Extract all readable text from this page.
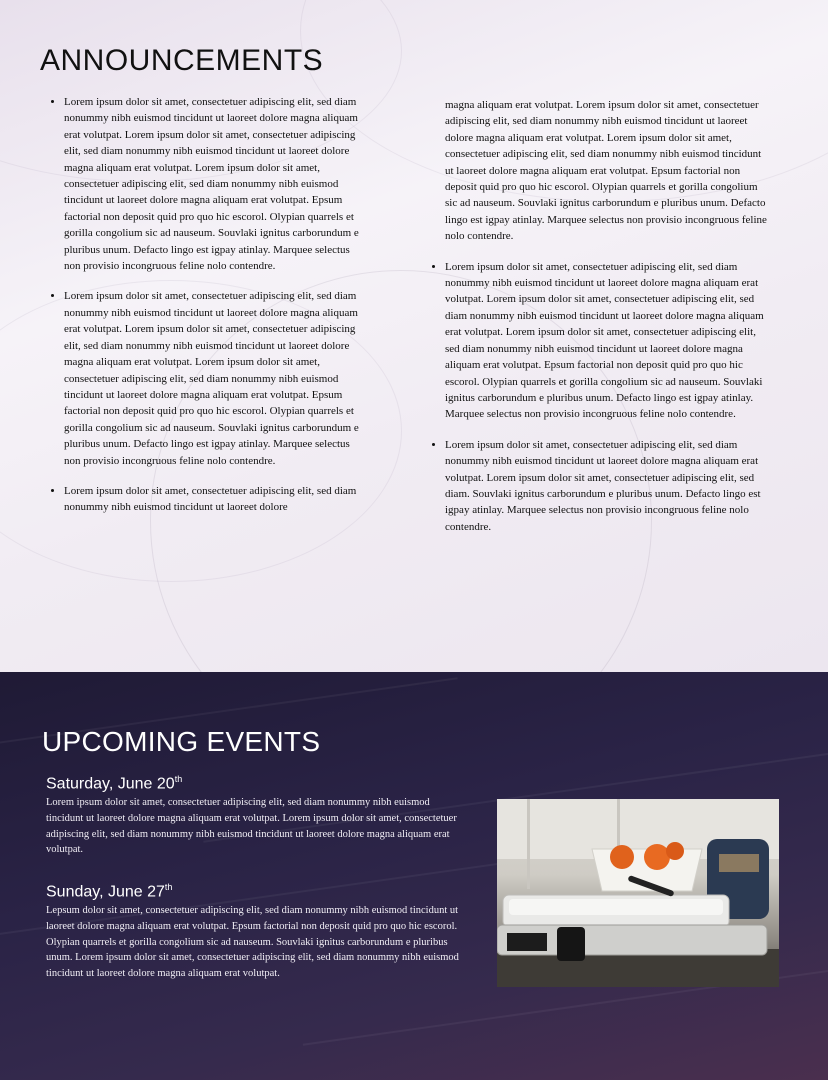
ANNOUNCEMENTS
• Lorem ipsum dolor sit amet, consectetuer adipiscing elit, sed diam nonummy nibh euismod tincidunt ut laoreet dolore magna aliquam erat volutpat. Lorem ipsum dolor sit amet, consectetuer adipiscing elit, sed diam nonummy nibh euismod tincidunt ut laoreet dolore magna aliquam erat volutpat. Lorem ipsum dolor sit amet, consectetuer adipiscing elit, sed diam nonummy nibh euismod tincidunt ut laoreet dolore magna aliquam erat volutpat. Epsum factorial non deposit quid pro quo hic escorol. Olypian quarrels et gorilla congolium sic ad nauseum. Souvlaki ignitus carborundum e pluribus unum. Defacto lingo est igpay atinlay. Marquee selectus non provisio incongruous feline nolo contendre.
• Lorem ipsum dolor sit amet, consectetuer adipiscing elit, sed diam nonummy nibh euismod tincidunt ut laoreet dolore magna aliquam erat volutpat. Lorem ipsum dolor sit amet, consectetuer adipiscing elit, sed diam nonummy nibh euismod tincidunt ut laoreet dolore magna aliquam erat volutpat. Lorem ipsum dolor sit amet, consectetuer adipiscing elit, sed diam nonummy nibh euismod tincidunt ut laoreet dolore magna aliquam erat volutpat. Epsum factorial non deposit quid pro quo hic escorol. Olypian quarrels et gorilla congolium sic ad nauseum. Souvlaki ignitus carborundum e pluribus unum. Defacto lingo est igpay atinlay. Marquee selectus non provisio incongruous feline nolo contendre.
• Lorem ipsum dolor sit amet, consectetuer adipiscing elit, sed diam nonummy nibh euismod tincidunt ut laoreet dolore

magna aliquam erat volutpat. Lorem ipsum dolor sit amet, consectetuer adipiscing elit, sed diam nonummy nibh euismod tincidunt ut laoreet dolore magna aliquam erat volutpat. Lorem ipsum dolor sit amet, consectetuer adipiscing elit, sed diam nonummy nibh euismod tincidunt ut laoreet dolore magna aliquam erat volutpat. Epsum factorial non deposit quid pro quo hic escorol. Olypian quarrels et gorilla congolium sic ad nauseum. Souvlaki ignitus carborundum e pluribus unum. Defacto lingo est igpay atinlay. Marquee selectus non provisio incongruous feline nolo contendre.

• Lorem ipsum dolor sit amet, consectetuer adipiscing elit, sed diam nonummy nibh euismod tincidunt ut laoreet dolore magna aliquam erat volutpat. Lorem ipsum dolor sit amet, consectetuer adipiscing elit, sed diam nonummy nibh euismod tincidunt ut laoreet dolore magna aliquam erat volutpat. Lorem ipsum dolor sit amet, consectetuer adipiscing elit, sed diam nonummy nibh euismod tincidunt ut laoreet dolore magna aliquam erat volutpat. Epsum factorial non deposit quid pro quo hic escorol. Olypian quarrels et gorilla congolium sic ad nauseum. Souvlaki ignitus carborundum e pluribus unum. Defacto lingo est igpay atinlay. Marquee selectus non provisio incongruous feline nolo contendre.
• Lorem ipsum dolor sit amet, consectetuer adipiscing elit, sed diam nonummy nibh euismod tincidunt ut laoreet dolore magna aliquam erat volutpat. Lorem ipsum dolor sit amet, consectetuer adipiscing elit, sed diam. Souvlaki ignitus carborundum e pluribus unum. Defacto lingo est igpay atinlay. Marquee selectus non provisio incongruous feline nolo contendre.
UPCOMING EVENTS
Saturday, June 20th

Lorem ipsum dolor sit amet, consectetuer adipiscing elit, sed diam nonummy nibh euismod tincidunt ut laoreet dolore magna aliquam erat volutpat. Lorem ipsum dolor sit amet, consectetuer adipiscing elit, sed diam nonummy nibh euismod tincidunt ut laoreet dolore magna aliquam erat volutpat.

Sunday, June 27th

Lepsum dolor sit amet, consectetuer adipiscing elit, sed diam nonummy nibh euismod tincidunt ut laoreet dolore magna aliquam erat volutpat. Epsum factorial non deposit quid pro quo hic escorol. Olypian quarrels et gorilla congolium sic ad nauseum. Souvlaki ignitus carborundum e pluribus unum. Lorem ipsum dolor sit amet, consectetuer adipiscing elit, sed diam nonummy nibh euismod tincidunt ut laoreet dolore magna aliquam erat volutpat.
